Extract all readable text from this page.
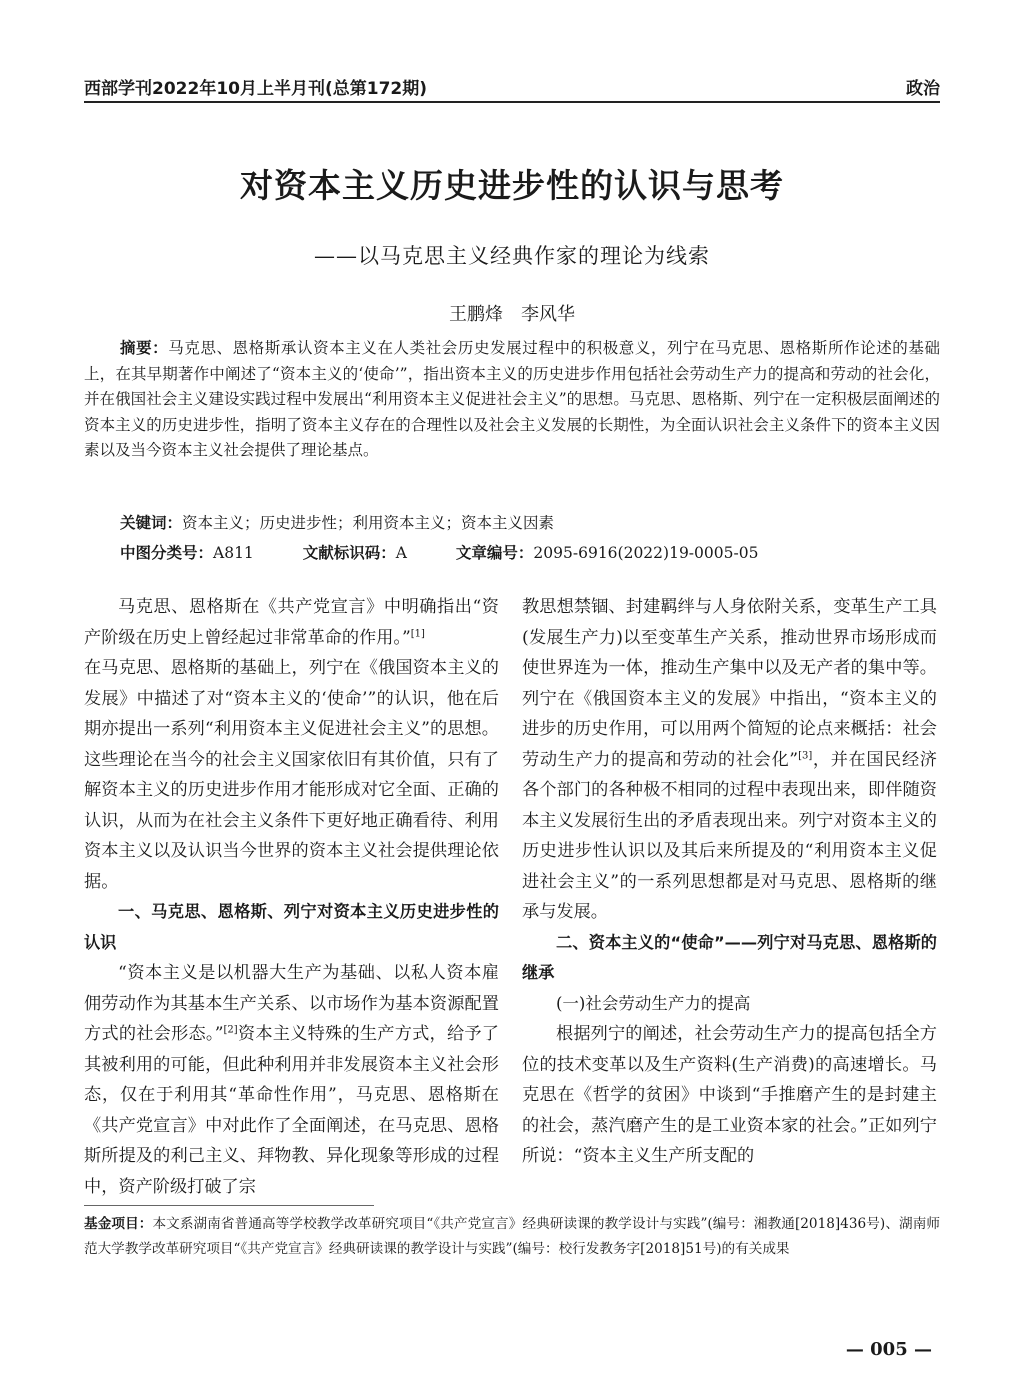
西部学刊2022年10月上半月刊(总第172期)	政治
对资本主义历史进步性的认识与思考
——以马克思主义经典作家的理论为线索
王鹏烽　李风华
摘要：马克思、恩格斯承认资本主义在人类社会历史发展过程中的积极意义，列宁在马克思、恩格斯所作论述的基础上，在其早期著作中阐述了“资本主义的‘使命’”，指出资本主义的历史进步作用包括社会劳动生产力的提高和劳动的社会化，并在俄国社会主义建设实践过程中发展出“利用资本主义促进社会主义”的思想。马克思、恩格斯、列宁在一定积极层面阐述的资本主义的历史进步性，指明了资本主义存在的合理性以及社会主义发展的长期性，为全面认识社会主义条件下的资本主义因素以及当今资本主义社会提供了理论基点。
关键词：资本主义；历史进步性；利用资本主义；资本主义因素
中图分类号：A811	文献标识码：A	文章编号：2095-6916(2022)19-0005-05

马克思、恩格斯在《共产党宣言》中明确指出“资产阶级在历史上曾经起过非常革命的作用。”[1]

在马克思、恩格斯的基础上，列宁在《俄国资本主义的发展》中描述了对“资本主义的‘使命’”的认识，他在后期亦提出一系列“利用资本主义促进社会主义”的思想。这些理论在当今的社会主义国家依旧有其价值，只有了解资本主义的历史进步作用才能形成对它全面、正确的认识，从而为在社会主义条件下更好地正确看待、利用资本主义以及认识当今世界的资本主义社会提供理论依据。

一、马克思、恩格斯、列宁对资本主义历史进步性的认识

“资本主义是以机器大生产为基础、以私人资本雇佣劳动作为其基本生产关系、以市场作为基本资源配置方式的社会形态。”[2]资本主义特殊的生产方式，给予了其被利用的可能，但此种利用并非发展资本主义社会形态，仅在于利用其“革命性作用”，马克思、恩格斯在《共产党宣言》中对此作了全面阐述，在马克思、恩格斯所提及的利己主义、拜物教、异化现象等形成的过程中，资产阶级打破了宗

教思想禁锢、封建羁绊与人身依附关系，变革生产工具(发展生产力)以至变革生产关系，推动世界市场形成而使世界连为一体，推动生产集中以及无产者的集中等。列宁在《俄国资本主义的发展》中指出，“资本主义的进步的历史作用，可以用两个简短的论点来概括：社会劳动生产力的提高和劳动的社会化”[3]，并在国民经济各个部门的各种极不相同的过程中表现出来，即伴随资本主义发展衍生出的矛盾表现出来。列宁对资本主义的历史进步性认识以及其后来所提及的“利用资本主义促进社会主义”的一系列思想都是对马克思、恩格斯的继承与发展。

二、资本主义的“使命”——列宁对马克思、恩格斯的继承
(一)社会劳动生产力的提高

根据列宁的阐述，社会劳动生产力的提高包括全方位的技术变革以及生产资料(生产消费)的高速增长。马克思在《哲学的贫困》中谈到“手推磨产生的是封建主的社会，蒸汽磨产生的是工业资本家的社会。”正如列宁所说：“资本主义生产所支配的

基金项目：本文系湖南省普通高等学校教学改革研究项目“《共产党宣言》经典研读课的教学设计与实践”(编号：湘教通[2018]436号)、湖南师范大学教学改革研究项目“《共产党宣言》经典研读课的教学设计与实践”(编号：校行发教务字[2018]51号)的有关成果
— 005 —
